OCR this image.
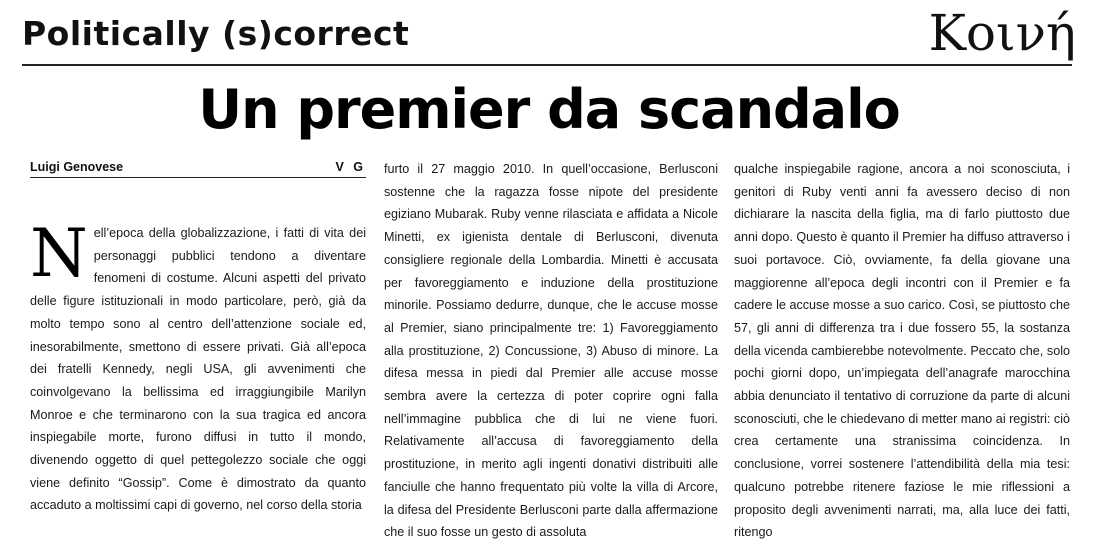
Politically (s)correct	Κοινή
Un premier da scandalo
Luigi Genovese	V G
N ell’epoca della globalizzazione, i fatti di vita dei personaggi pubblici tendono a diventare fenomeni di costume. Alcuni aspetti del privato delle figure istituzionali in modo particolare, però, già da molto tempo sono al centro dell’attenzione sociale ed, inesorabilmente, smettono di essere privati. Già all’epoca dei fratelli Kennedy, negli USA, gli avvenimenti che coinvolgevano la bellissima ed irraggiungibile Marilyn Monroe e che terminarono con la sua tragica ed ancora inspiegabile morte, furono diffusi in tutto il mondo, divenendo oggetto di quel pettegolezzo sociale che oggi viene definito “Gossip”. Come è dimostrato da quanto accaduto a moltissimi capi di governo, nel corso della storia
furto il 27 maggio 2010. In quell’occasione, Berlusconi sostenne che la ragazza fosse nipote del presidente egiziano Mubarak. Ruby venne rilasciata e affidata a Nicole Minetti, ex igienista dentale di Berlusconi, divenuta consigliere regionale della Lombardia. Minetti è accusata per favoreggiamento e induzione della prostituzione minorile. Possiamo dedurre, dunque, che le accuse mosse al Premier, siano principalmente tre: 1) Favoreggiamento alla prostituzione, 2) Concussione, 3) Abuso di minore. La difesa messa in piedi dal Premier alle accuse mosse sembra avere la certezza di poter coprire ogni falla nell’immagine pubblica che di lui ne viene fuori. Relativamente all’accusa di favoreggiamento della prostituzione, in merito agli ingenti donativi distribuiti alle fanciulle che hanno frequentato più volte la villa di Arcore, la difesa del Presidente Berlusconi parte dalla affermazione che il suo fosse un gesto di assoluta
qualche inspiegabile ragione, ancora a noi sconosciuta, i genitori di Ruby venti anni fa avessero deciso di non dichiarare la nascita della figlia, ma di farlo piuttosto due anni dopo. Questo è quanto il Premier ha diffuso attraverso i suoi portavoce. Ciò, ovviamente, fa della giovane una maggiorenne all’epoca degli incontri con il Premier e fa cadere le accuse mosse a suo carico. Così, se piuttosto che 57, gli anni di differenza tra i due fossero 55, la sostanza della vicenda cambierebbe notevolmente. Peccato che, solo pochi giorni dopo, un’impiegata dell’anagrafe marocchina abbia denunciato il tentativo di corruzione da parte di alcuni sconosciuti, che le chiedevano di metter mano ai registri: ciò crea certamente una stranissima coincidenza. In conclusione, vorrei sostenere l’attendibilità della mia tesi: qualcuno potrebbe ritenere faziose le mie riflessioni a proposito degli avvenimenti narrati, ma, alla luce dei fatti, ritengo
